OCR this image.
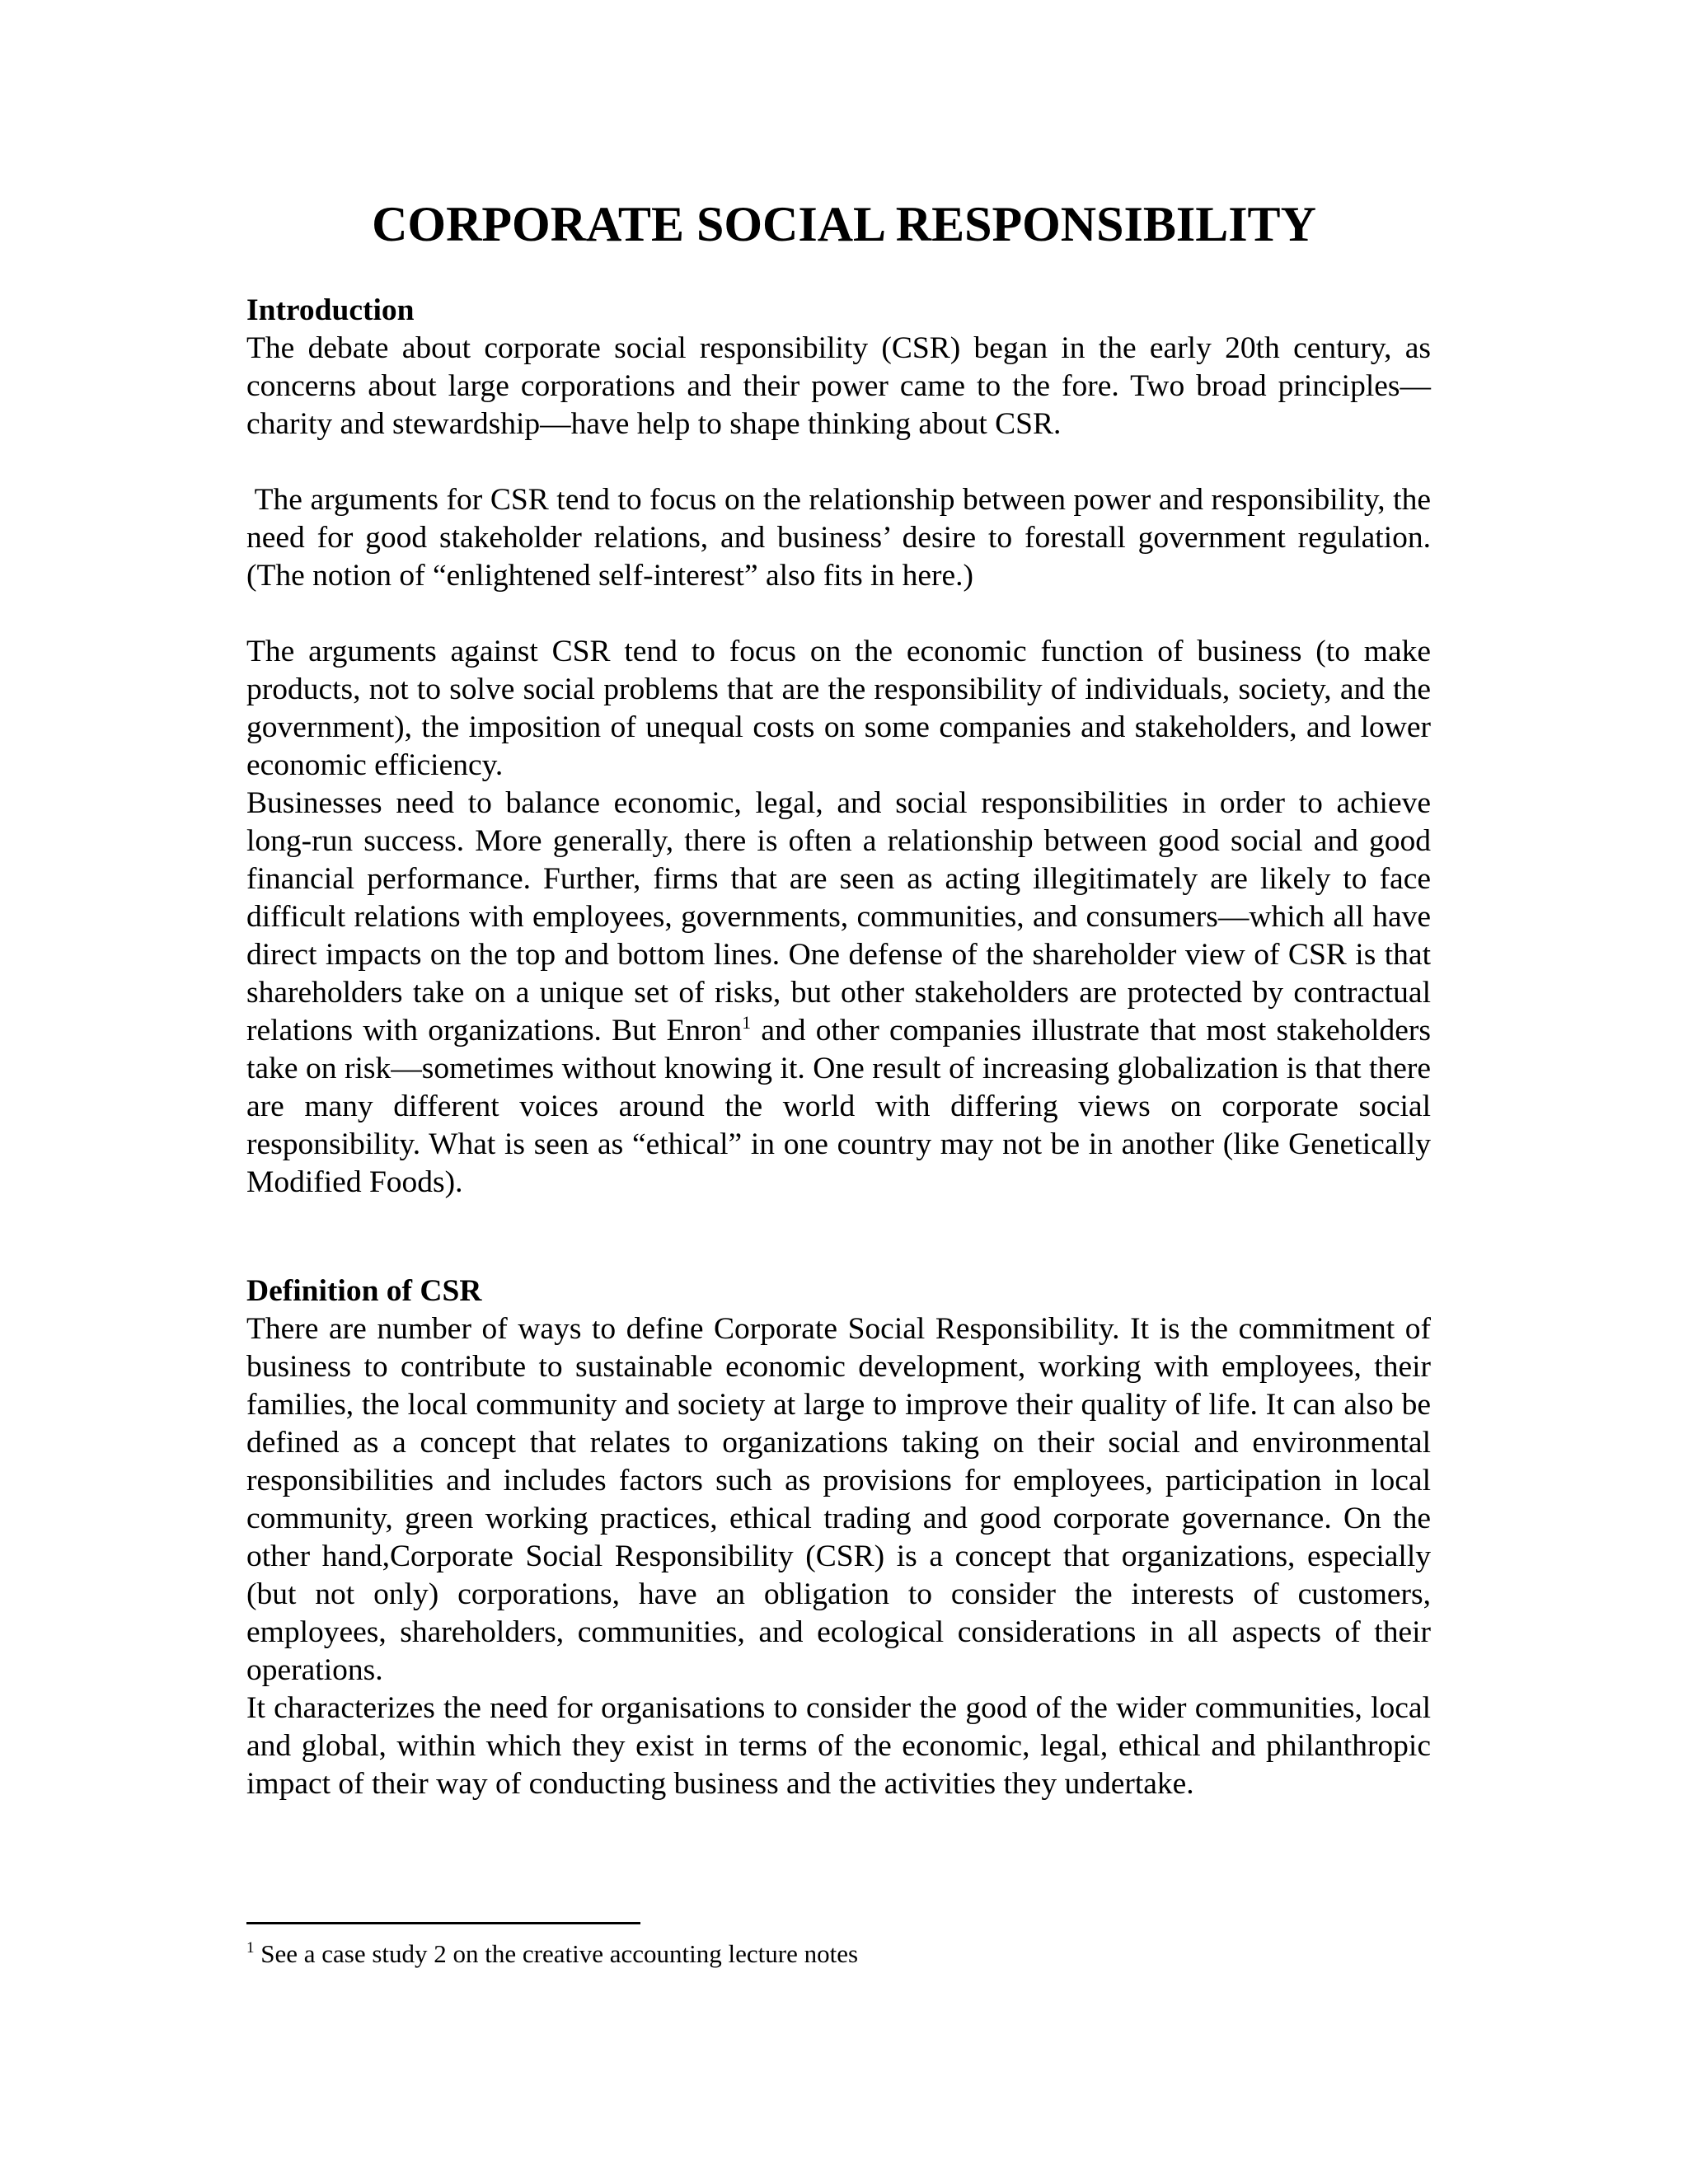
CORPORATE SOCIAL RESPONSIBILITY

Introduction

The debate about corporate social responsibility (CSR) began in the early 20th century, as concerns about large corporations and their power came to the fore. Two broad principles—charity and stewardship—have help to shape thinking about CSR.

The arguments for CSR tend to focus on the relationship between power and responsibility, the need for good stakeholder relations, and business’ desire to forestall government regulation. (The notion of “enlightened self-interest” also fits in here.)

The arguments against CSR tend to focus on the economic function of business (to make products, not to solve social problems that are the responsibility of individuals, society, and the government), the imposition of unequal costs on some companies and stakeholders, and lower economic efficiency.

Businesses need to balance economic, legal, and social responsibilities in order to achieve long-run success. More generally, there is often a relationship between good social and good financial performance. Further, firms that are seen as acting illegitimately are likely to face difficult relations with employees, governments, communities, and consumers—which all have direct impacts on the top and bottom lines. One defense of the shareholder view of CSR is that shareholders take on a unique set of risks, but other stakeholders are protected by contractual relations with organizations. But Enron$^1$ and other companies illustrate that most stakeholders take on risk—sometimes without knowing it. One result of increasing globalization is that there are many different voices around the world with differing views on corporate social responsibility. What is seen as “ethical” in one country may not be in another (like Genetically Modified Foods).

Definition of CSR

There are number of ways to define Corporate Social Responsibility. It is the commitment of business to contribute to sustainable economic development, working with employees, their families, the local community and society at large to improve their quality of life. It can also be defined as a concept that relates to organizations taking on their social and environmental responsibilities and includes factors such as provisions for employees, participation in local community, green working practices, ethical trading and good corporate governance. On the other hand,Corporate Social Responsibility (CSR) is a concept that organizations, especially (but not only) corporations, have an obligation to consider the interests of customers, employees, shareholders, communities, and ecological considerations in all aspects of their operations.

It characterizes the need for organisations to consider the good of the wider communities, local and global, within which they exist in terms of the economic, legal, ethical and philanthropic impact of their way of conducting business and the activities they undertake.

$^1$ See a case study 2 on the creative accounting lecture notes
